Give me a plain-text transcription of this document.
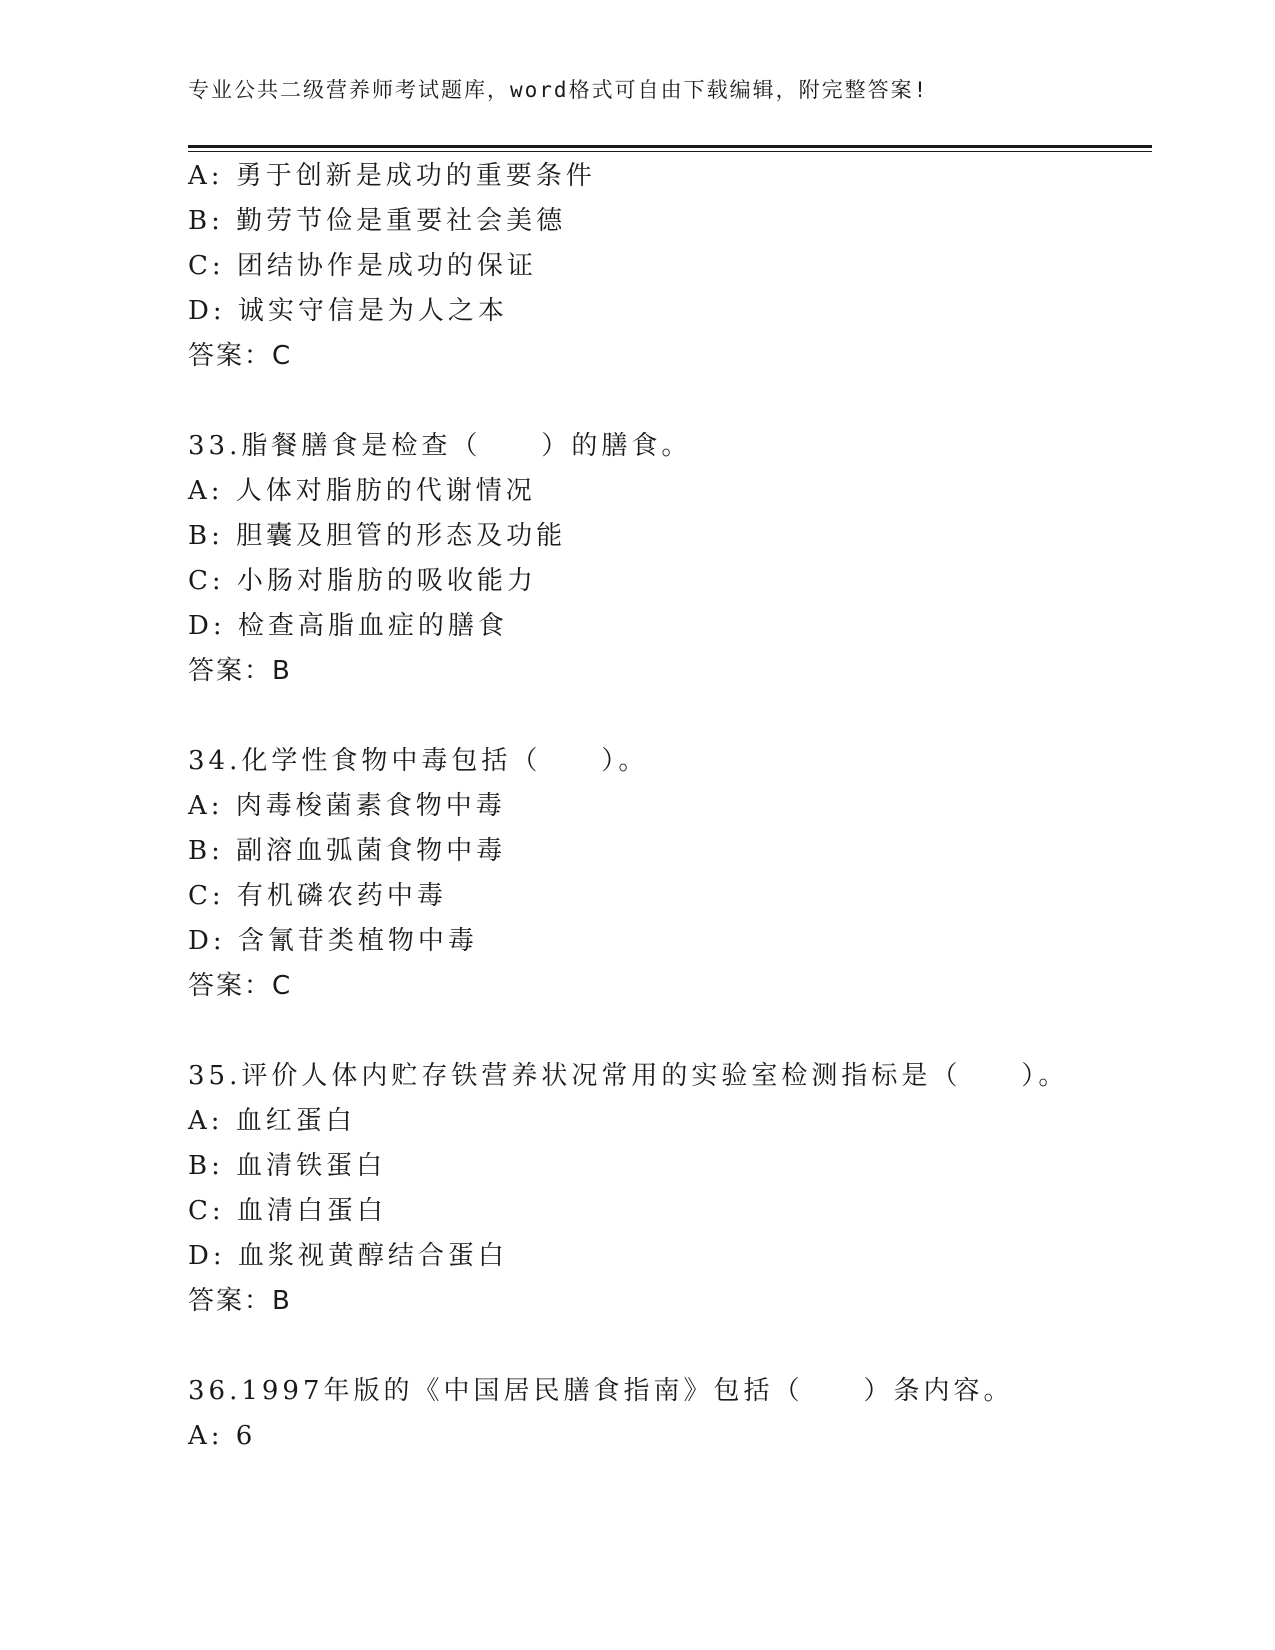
专业公共二级营养师考试题库，word格式可自由下载编辑，附完整答案!
A: 勇于创新是成功的重要条件
B: 勤劳节俭是重要社会美德
C: 团结协作是成功的保证
D: 诚实守信是为人之本
答案：C
33.脂餐膳食是检查（　　）的膳食。
A: 人体对脂肪的代谢情况
B: 胆囊及胆管的形态及功能
C: 小肠对脂肪的吸收能力
D: 检查高脂血症的膳食
答案：B
34.化学性食物中毒包括（　　）。
A: 肉毒梭菌素食物中毒
B: 副溶血弧菌食物中毒
C: 有机磷农药中毒
D: 含氰苷类植物中毒
答案：C
35.评价人体内贮存铁营养状况常用的实验室检测指标是（　　）。
A: 血红蛋白
B: 血清铁蛋白
C: 血清白蛋白
D: 血浆视黄醇结合蛋白
答案：B
36.1997年版的《中国居民膳食指南》包括（　　）条内容。
A: 6
